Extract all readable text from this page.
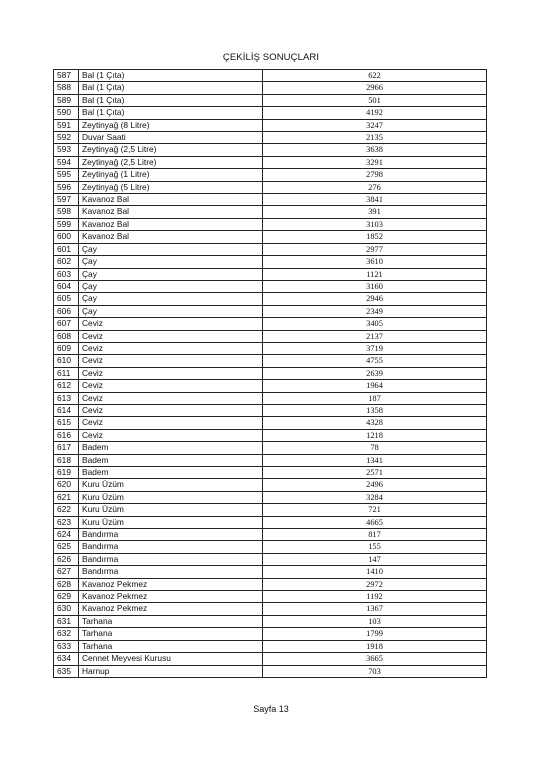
ÇEKİLİŞ SONUÇLARI
587	Bal (1 Çıta)	622
588	Bal (1 Çıta)	2966
589	Bal (1 Çıta)	501
590	Bal (1 Çıta)	4192
591	Zeytinyağ (8 Litre)	3247
592	Duvar Saati	2135
593	Zeytinyağ (2,5 Litre)	3638
594	Zeytinyağ (2,5 Litre)	3291
595	Zeytinyağ (1 Litre)	2798
596	Zeytinyağ (5 Litre)	276
597	Kavanoz Bal	3841
598	Kavanoz Bal	391
599	Kavanoz Bal	3103
600	Kavanoz Bal	1852
601	Çay	2977
602	Çay	3610
603	Çay	1121
604	Çay	3160
605	Çay	2946
606	Çay	2349
607	Ceviz	3405
608	Ceviz	2137
609	Ceviz	3719
610	Ceviz	4755
611	Ceviz	2639
612	Ceviz	1964
613	Ceviz	187
614	Ceviz	1358
615	Ceviz	4328
616	Ceviz	1218
617	Badem	78
618	Badem	1341
619	Badem	2571
620	Kuru Üzüm	2496
621	Kuru Üzüm	3284
622	Kuru Üzüm	721
623	Kuru Üzüm	4665
624	Bandırma	817
625	Bandırma	155
626	Bandırma	147
627	Bandırma	1410
628	Kavanoz Pekmez	2972
629	Kavanoz Pekmez	1192
630	Kavanoz Pekmez	1367
631	Tarhana	103
632	Tarhana	1799
633	Tarhana	1918
634	Cennet Meyvesi Kurusu	3665
635	Harnup	703
Sayfa 13
